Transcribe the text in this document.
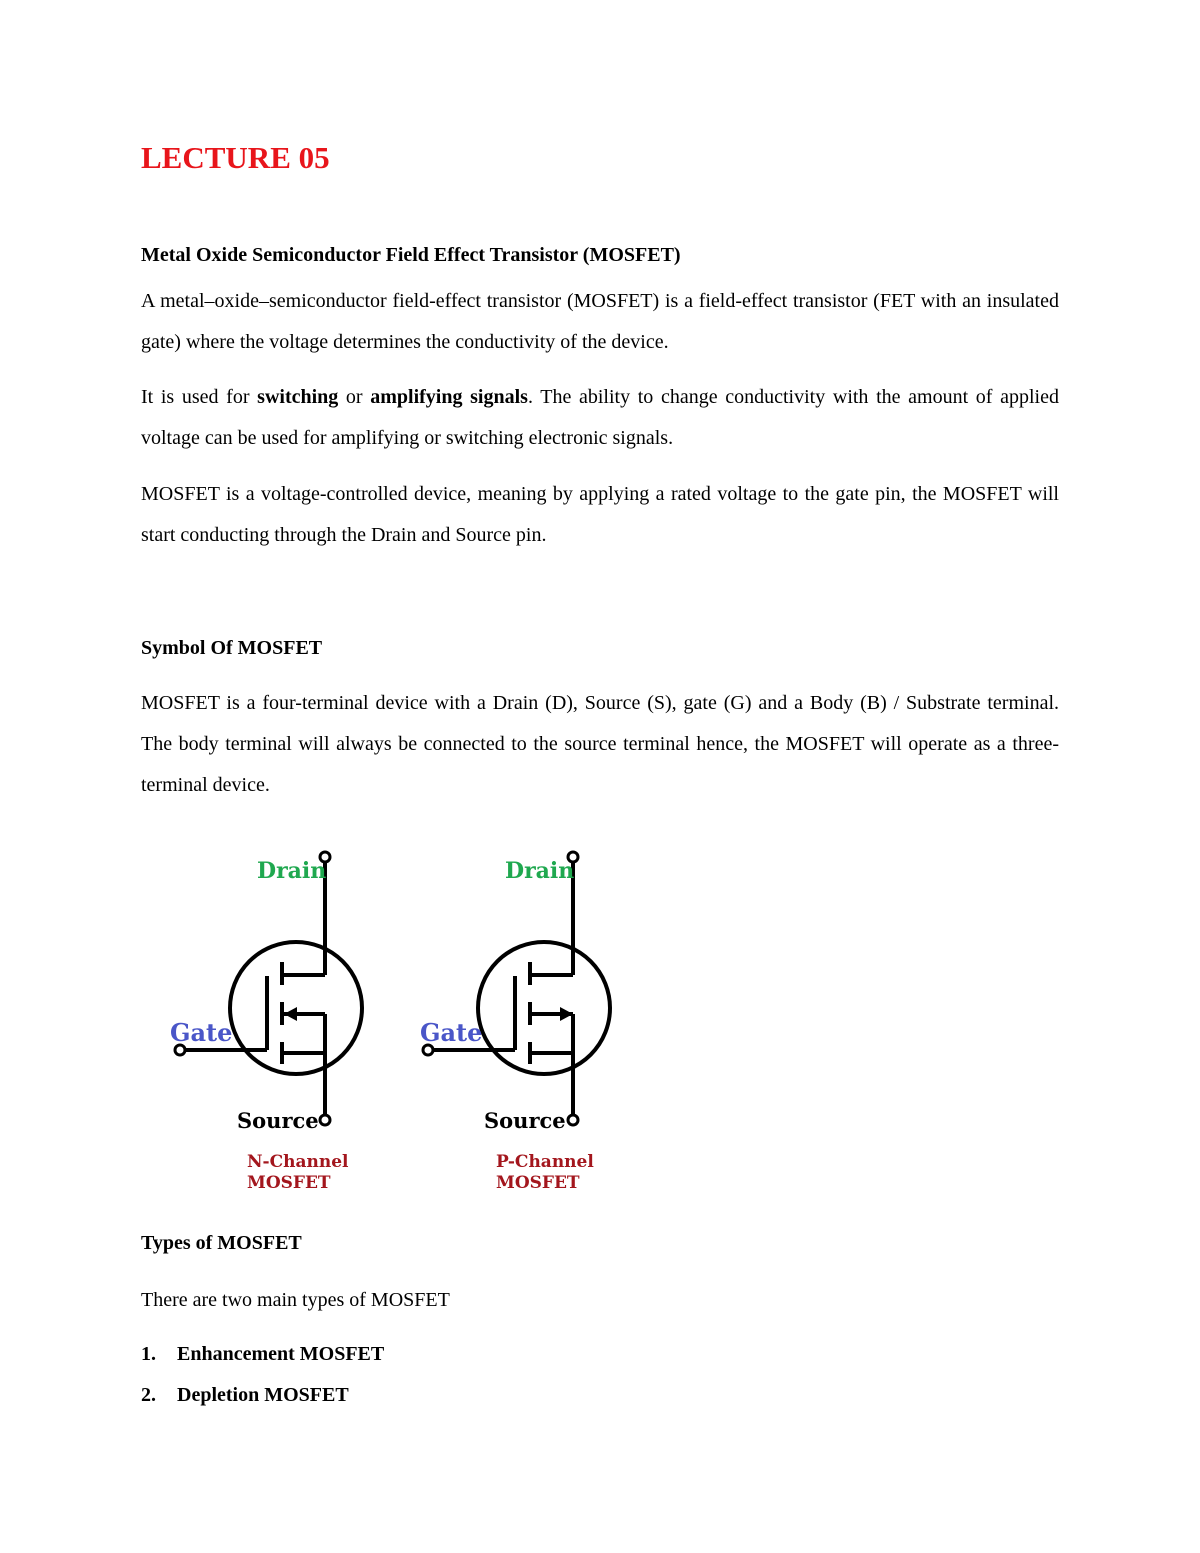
LECTURE 05
Metal Oxide Semiconductor Field Effect Transistor (MOSFET)

A metal–oxide–semiconductor field-effect transistor (MOSFET) is a field-effect transistor (FET with an insulated gate) where the voltage determines the conductivity of the device.

It is used for switching or amplifying signals. The ability to change conductivity with the amount of applied voltage can be used for amplifying or switching electronic signals.

MOSFET is a voltage-controlled device, meaning by applying a rated voltage to the gate pin, the MOSFET will start conducting through the Drain and Source pin.

Symbol Of MOSFET

MOSFET is a four-terminal device with a Drain (D), Source (S), gate (G) and a Body (B) / Substrate terminal. The body terminal will always be connected to the source terminal hence, the MOSFET will operate as a three-terminal device.

Drain
Gate
Source
N-Channel
MOSFET
Drain
Gate
Source
P-Channel
MOSFET
Types of MOSFET
There are two main types of MOSFET
1. Enhancement MOSFET
2. Depletion MOSFET
